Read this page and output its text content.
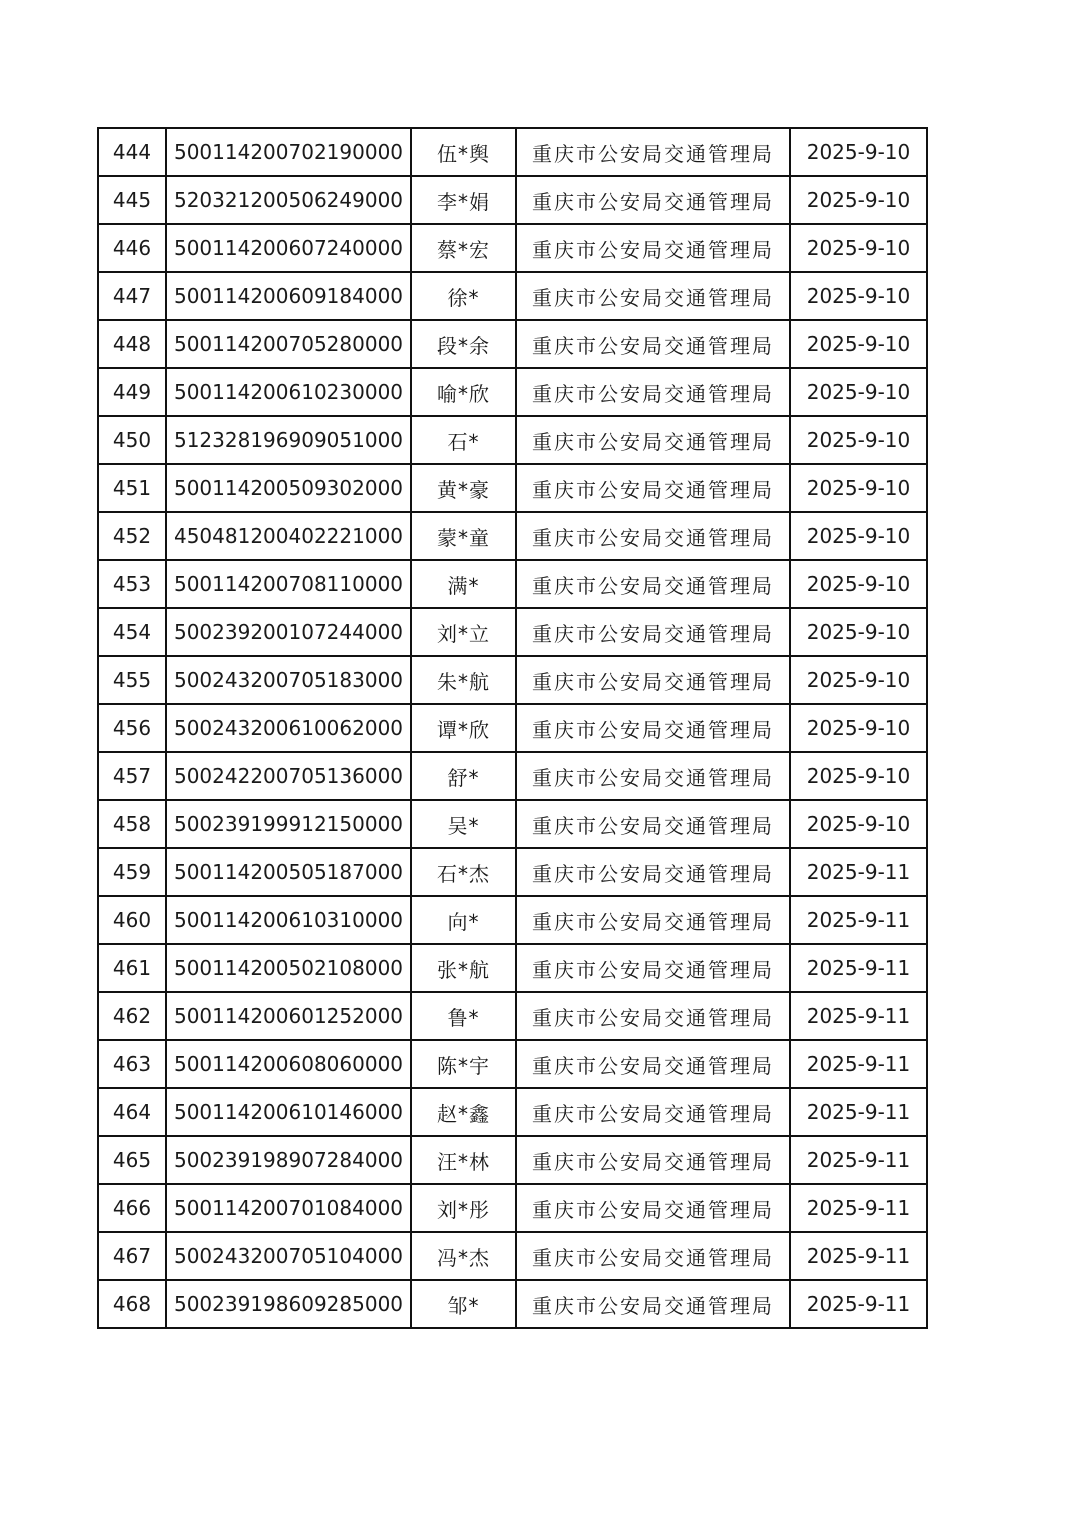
444	500114200702190000	伍*舆	重庆市公安局交通管理局	2025-9-10
445	520321200506249000	李*娟	重庆市公安局交通管理局	2025-9-10
446	500114200607240000	蔡*宏	重庆市公安局交通管理局	2025-9-10
447	500114200609184000	徐*	重庆市公安局交通管理局	2025-9-10
448	500114200705280000	段*余	重庆市公安局交通管理局	2025-9-10
449	500114200610230000	喻*欣	重庆市公安局交通管理局	2025-9-10
450	512328196909051000	石*	重庆市公安局交通管理局	2025-9-10
451	500114200509302000	黄*豪	重庆市公安局交通管理局	2025-9-10
452	450481200402221000	蒙*童	重庆市公安局交通管理局	2025-9-10
453	500114200708110000	满*	重庆市公安局交通管理局	2025-9-10
454	500239200107244000	刘*立	重庆市公安局交通管理局	2025-9-10
455	500243200705183000	朱*航	重庆市公安局交通管理局	2025-9-10
456	500243200610062000	谭*欣	重庆市公安局交通管理局	2025-9-10
457	500242200705136000	舒*	重庆市公安局交通管理局	2025-9-10
458	500239199912150000	吴*	重庆市公安局交通管理局	2025-9-10
459	500114200505187000	石*杰	重庆市公安局交通管理局	2025-9-11
460	500114200610310000	向*	重庆市公安局交通管理局	2025-9-11
461	500114200502108000	张*航	重庆市公安局交通管理局	2025-9-11
462	500114200601252000	鲁*	重庆市公安局交通管理局	2025-9-11
463	500114200608060000	陈*宇	重庆市公安局交通管理局	2025-9-11
464	500114200610146000	赵*鑫	重庆市公安局交通管理局	2025-9-11
465	500239198907284000	汪*林	重庆市公安局交通管理局	2025-9-11
466	500114200701084000	刘*彤	重庆市公安局交通管理局	2025-9-11
467	500243200705104000	冯*杰	重庆市公安局交通管理局	2025-9-11
468	500239198609285000	邹*	重庆市公安局交通管理局	2025-9-11
